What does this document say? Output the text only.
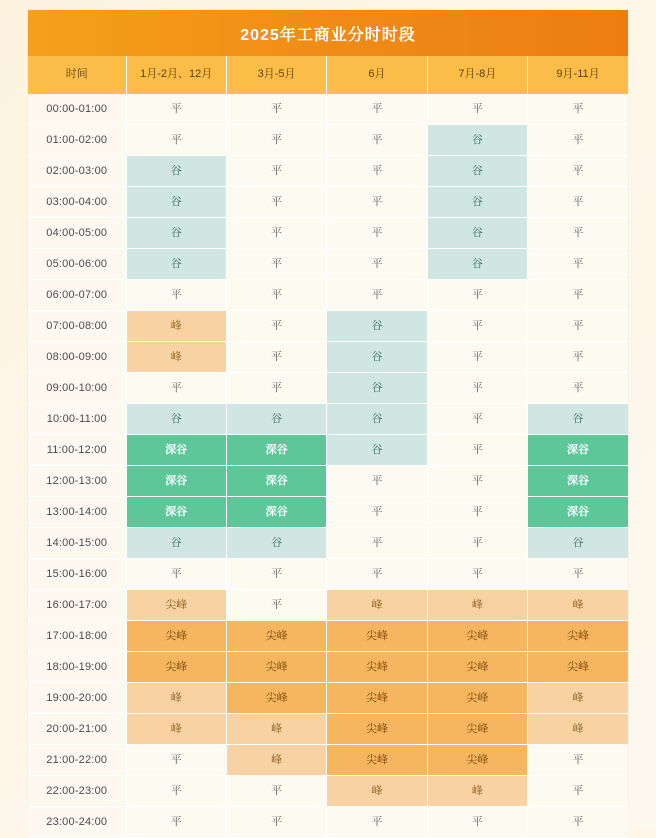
2025年工商业分时时段
时间	1月-2月、12月	3月-5月	6月	7月-8月	9月-11月
00:00-01:00	平	平	平	平	平

01:00-02:00	平	平	平	谷	平

02:00-03:00	谷	平	平	谷	平

03:00-04:00	谷	平	平	谷	平

04:00-05:00	谷	平	平	谷	平

05:00-06:00	谷	平	平	谷	平

06:00-07:00	平	平	平	平	平

07:00-08:00	峰	平	谷	平	平

08:00-09:00	峰	平	谷	平	平

09:00-10:00	平	平	谷	平	平

10:00-11:00	谷	谷	谷	平	谷

11:00-12:00	深谷	深谷	谷	平	深谷

12:00-13:00	深谷	深谷	平	平	深谷

13:00-14:00	深谷	深谷	平	平	深谷

14:00-15:00	谷	谷	平	平	谷

15:00-16:00	平	平	平	平	平

16:00-17:00	尖峰	平	峰	峰	峰

17:00-18:00	尖峰	尖峰	尖峰	尖峰	尖峰

18:00-19:00	尖峰	尖峰	尖峰	尖峰	尖峰

19:00-20:00	峰	尖峰	尖峰	尖峰	峰

20:00-21:00	峰	峰	尖峰	尖峰	峰

21:00-22:00	平	峰	尖峰	尖峰	平

22:00-23:00	平	平	峰	峰	平

23:00-24:00	平	平	平	平	平
